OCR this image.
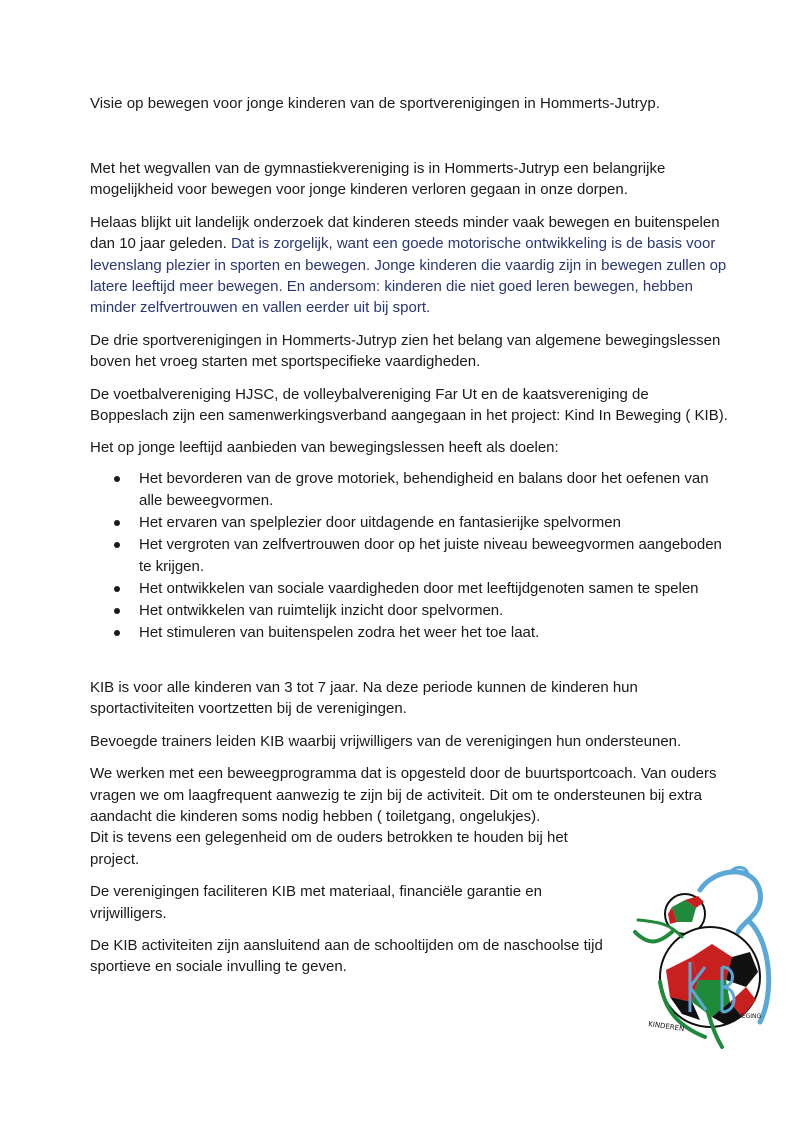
Visie op bewegen voor jonge kinderen van de sportverenigingen in Hommerts-Jutryp.

Met het wegvallen van de gymnastiekvereniging is in Hommerts-Jutryp een belangrijke mogelijkheid voor bewegen voor jonge kinderen verloren gegaan in onze dorpen.

Helaas blijkt uit landelijk onderzoek dat kinderen steeds minder vaak bewegen en buitenspelen dan 10 jaar geleden. Dat is zorgelijk, want een goede motorische ontwikkeling is de basis voor levenslang plezier in sporten en bewegen. Jonge kinderen die vaardig zijn in bewegen zullen op latere leeftijd meer bewegen. En andersom: kinderen die niet goed leren bewegen, hebben minder zelfvertrouwen en vallen eerder uit bij sport.

De drie sportverenigingen in Hommerts-Jutryp zien het belang van algemene bewegingslessen boven het vroeg starten met sportspecifieke vaardigheden.

De voetbalvereniging HJSC, de volleybalvereniging Far Ut en de kaatsvereniging de Boppeslach zijn een samenwerkingsverband aangegaan in het project: Kind In Beweging ( KIB).

Het op jonge leeftijd aanbieden van bewegingslessen heeft als doelen:

Het bevorderen van de grove motoriek, behendigheid en balans door het oefenen van alle beweegvormen.
Het ervaren van spelplezier door uitdagende en fantasierijke spelvormen
Het vergroten van zelfvertrouwen door op het juiste niveau beweegvormen aangeboden te krijgen.
Het ontwikkelen van sociale vaardigheden door met leeftijdgenoten samen te spelen
Het ontwikkelen van ruimtelijk inzicht door spelvormen.
Het stimuleren van buitenspelen zodra het weer het toe laat.

KIB is voor alle kinderen van 3 tot 7 jaar. Na deze periode kunnen de kinderen hun sportactiviteiten voortzetten bij de verenigingen.

Bevoegde trainers leiden KIB waarbij vrijwilligers van de verenigingen hun ondersteunen.

We werken met een beweegprogramma dat is opgesteld door de buurtsportcoach. Van ouders vragen we om laagfrequent aanwezig te zijn bij de activiteit. Dit om te ondersteunen bij extra aandacht die kinderen soms nodig hebben ( toiletgang, ongelukjes).

Dit is tevens een gelegenheid om de ouders betrokken te houden bij het
project.

De verenigingen faciliteren KIB met materiaal, financiële garantie en
vrijwilligers.

De KIB activiteiten zijn aansluitend aan de schooltijden om de naschoolse tijd
sportieve en sociale invulling te geven.

KINDEREN
BEWEGING
